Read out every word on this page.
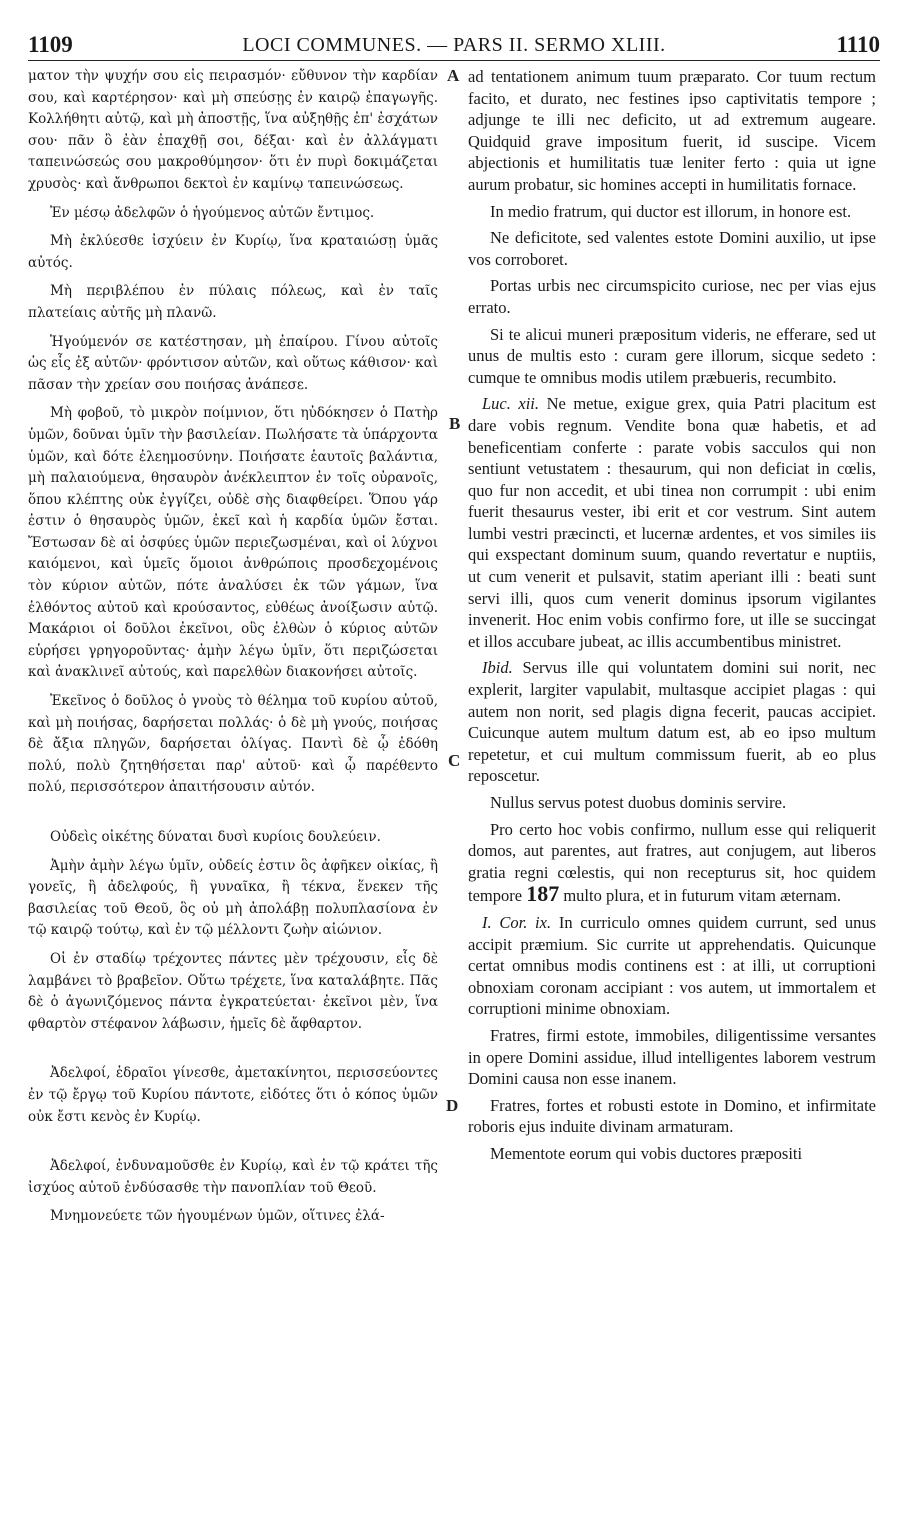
1109	LOCI COMMUNES. — PARS II. SERMO XLIII.	1110

ματον τὴν ψυχήν σου εἰς πειρασμόν· εὔθυνον τὴν καρδίαν σου, καὶ καρτέρησον· καὶ μὴ σπεύσῃς ἐν καιρῷ ἐπαγωγῆς. Κολλήθητι αὐτῷ, καὶ μὴ ἀποστῇς, ἵνα αὐξηθῇς ἐπ' ἐσχάτων σου· πᾶν ὃ ἐὰν ἐπαχθῇ σοι, δέξαι· καὶ ἐν ἀλλάγματι ταπεινώσεώς σου μακροθύμησον· ὅτι ἐν πυρὶ δοκιμάζεται χρυσὸς· καὶ ἄνθρωποι δεκτοὶ ἐν καμίνῳ ταπεινώσεως.

Ἐν μέσῳ ἀδελφῶν ὁ ἡγούμενος αὐτῶν ἔντιμος.

Μὴ ἐκλύεσθε ἰσχύειν ἐν Κυρίῳ, ἵνα κραταιώσῃ ὑμᾶς αὐτός.

Μὴ περιβλέπου ἐν πύλαις πόλεως, καὶ ἐν ταῖς πλατείαις αὐτῆς μὴ πλανῶ.

Ἡγούμενόν σε κατέστησαν, μὴ ἐπαίρου. Γίνου αὐτοῖς ὡς εἷς ἐξ αὐτῶν· φρόντισον αὐτῶν, καὶ οὕτως κάθισον· καὶ πᾶσαν τὴν χρείαν σου ποιήσας ἀνάπεσε.

Μὴ φοβοῦ, τὸ μικρὸν ποίμνιον, ὅτι ηὐδόκησεν ὁ Πατὴρ ὑμῶν, δοῦναι ὑμῖν τὴν βασιλείαν. Πωλήσατε τὰ ὑπάρχοντα ὑμῶν, καὶ δότε ἐλεημοσύνην. Ποιήσατε ἑαυτοῖς βαλάντια, μὴ παλαιούμενα, θησαυρὸν ἀνέκλειπτον ἐν τοῖς οὐρανοῖς, ὅπου κλέπτης οὐκ ἐγγίζει, οὐδὲ σὴς διαφθείρει. Ὅπου γάρ ἐστιν ὁ θησαυρὸς ὑμῶν, ἐκεῖ καὶ ἡ καρδία ὑμῶν ἔσται. Ἔστωσαν δὲ αἱ ὀσφύες ὑμῶν περιεζωσμέναι, καὶ οἱ λύχνοι καιόμενοι, καὶ ὑμεῖς ὅμοιοι ἀνθρώποις προσδεχομένοις τὸν κύριον αὐτῶν, πότε ἀναλύσει ἐκ τῶν γάμων, ἵνα ἐλθόντος αὐτοῦ καὶ κρούσαντος, εὐθέως ἀνοίξωσιν αὐτῷ. Μακάριοι οἱ δοῦλοι ἐκεῖνοι, οὓς ἐλθὼν ὁ κύριος αὐτῶν εὑρήσει γρηγοροῦντας· ἀμὴν λέγω ὑμῖν, ὅτι περιζώσεται καὶ ἀνακλινεῖ αὐτούς, καὶ παρελθὼν διακονήσει αὐτοῖς.

Ἐκεῖνος ὁ δοῦλος ὁ γνοὺς τὸ θέλημα τοῦ κυρίου αὐτοῦ, καὶ μὴ ποιήσας, δαρήσεται πολλάς· ὁ δὲ μὴ γνούς, ποιήσας δὲ ἄξια πληγῶν, δαρήσεται ὀλίγας. Παντὶ δὲ ᾧ ἐδόθη πολύ, πολὺ ζητηθήσεται παρ' αὐτοῦ· καὶ ᾧ παρέθεντο πολύ, περισσότερον ἀπαιτήσουσιν αὐτόν.

Οὐδεὶς οἰκέτης δύναται δυσὶ κυρίοις δουλεύειν.

Ἀμὴν ἀμὴν λέγω ὑμῖν, οὐδείς ἐστιν ὃς ἀφῆκεν οἰκίας, ἢ γονεῖς, ἢ ἀδελφούς, ἢ γυναῖκα, ἢ τέκνα, ἕνεκεν τῆς βασιλείας τοῦ Θεοῦ, ὃς οὐ μὴ ἀπολάβῃ πολυπλασίονα ἐν τῷ καιρῷ τούτῳ, καὶ ἐν τῷ μέλλοντι ζωὴν αἰώνιον.

Οἱ ἐν σταδίῳ τρέχοντες πάντες μὲν τρέχουσιν, εἷς δὲ λαμβάνει τὸ βραβεῖον. Οὕτω τρέχετε, ἵνα καταλάβητε. Πᾶς δὲ ὁ ἀγωνιζόμενος πάντα ἐγκρατεύεται· ἐκεῖνοι μὲν, ἵνα φθαρτὸν στέφανον λάβωσιν, ἡμεῖς δὲ ἄφθαρτον.

Ἀδελφοί, ἑδραῖοι γίνεσθε, ἀμετακίνητοι, περισσεύοντες ἐν τῷ ἔργῳ τοῦ Κυρίου πάντοτε, εἰδότες ὅτι ὁ κόπος ὑμῶν οὐκ ἔστι κενὸς ἐν Κυρίῳ.

Ἀδελφοί, ἐνδυναμοῦσθε ἐν Κυρίῳ, καὶ ἐν τῷ κράτει τῆς ἰσχύος αὐτοῦ ἐνδύσασθε τὴν πανοπλίαν τοῦ Θεοῦ.

Μνημονεύετε τῶν ἡγουμένων ὑμῶν, οἵτινες ἐλά-

A
B
C
D

ad tentationem animum tuum præparato. Cor tuum rectum facito, et durato, nec festines ipso captivitatis tempore ; adjunge te illi nec deficito, ut ad extremum augeare. Quidquid grave impositum fuerit, id suscipe. Vicem abjectionis et humilitatis tuæ leniter ferto : quia ut igne aurum probatur, sic homines accepti in humilitatis fornace.

In medio fratrum, qui ductor est illorum, in honore est.

Ne deficitote, sed valentes estote Domini auxilio, ut ipse vos corroboret.

Portas urbis nec circumspicito curiose, nec per vias ejus errato.

Si te alicui muneri præpositum videris, ne efferare, sed ut unus de multis esto : curam gere illorum, sicque sedeto : cumque te omnibus modis utilem præbueris, recumbito.

Luc. xii. Ne metue, exigue grex, quia Patri placitum est dare vobis regnum. Vendite bona quæ habetis, et ad beneficentiam conferte : parate vobis sacculos qui non sentiunt vetustatem : thesaurum, qui non deficiat in cœlis, quo fur non accedit, et ubi tinea non corrumpit : ubi enim fuerit thesaurus vester, ibi erit et cor vestrum. Sint autem lumbi vestri præcincti, et lucernæ ardentes, et vos similes iis qui exspectant dominum suum, quando revertatur e nuptiis, ut cum venerit et pulsavit, statim aperiant illi : beati sunt servi illi, quos cum venerit dominus ipsorum vigilantes invenerit. Hoc enim vobis confirmo fore, ut ille se succingat et illos accubare jubeat, ac illis accumbentibus ministret.

Ibid. Servus ille qui voluntatem domini sui norit, nec explerit, largiter vapulabit, multasque accipiet plagas : qui autem non norit, sed plagis digna fecerit, paucas accipiet. Cuicunque autem multum datum est, ab eo ipso multum repetetur, et cui multum commissum fuerit, ab eo plus reposcetur.

Nullus servus potest duobus dominis servire.

Pro certo hoc vobis confirmo, nullum esse qui reliquerit domos, aut parentes, aut fratres, aut conjugem, aut liberos gratia regni cœlestis, qui non recepturus sit, hoc quidem tempore 187 multo plura, et in futurum vitam æternam.

I. Cor. ix. In curriculo omnes quidem currunt, sed unus accipit præmium. Sic currite ut apprehendatis. Quicunque certat omnibus modis continens est : at illi, ut corruptioni obnoxiam coronam accipiant : vos autem, ut immortalem et corruptioni minime obnoxiam.

Fratres, firmi estote, immobiles, diligentissime versantes in opere Domini assidue, illud intelligentes laborem vestrum Domini causa non esse inanem.

Fratres, fortes et robusti estote in Domino, et infirmitate roboris ejus induite divinam armaturam.

Mementote eorum qui vobis ductores præpositi
